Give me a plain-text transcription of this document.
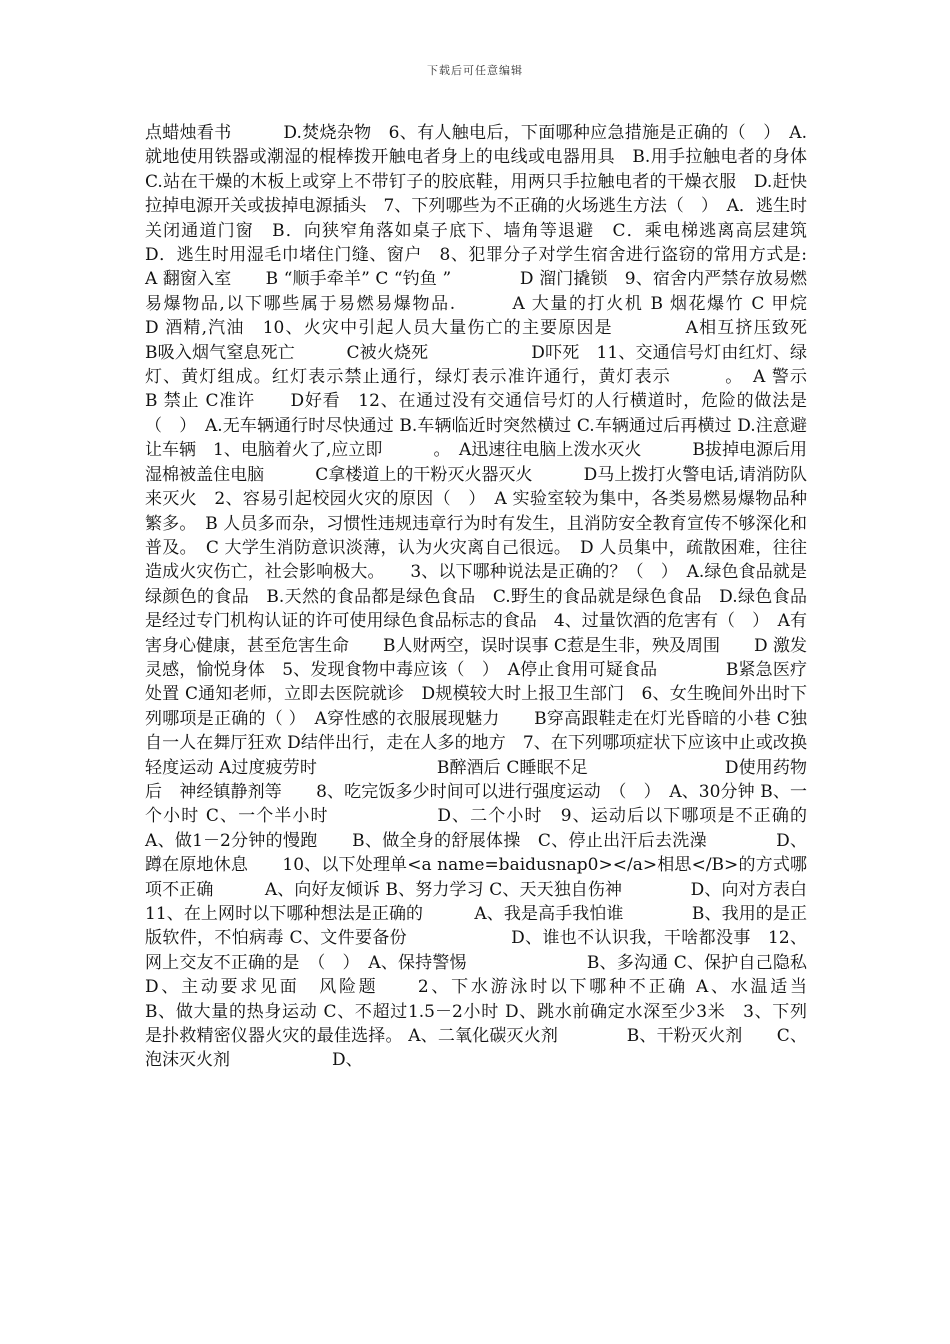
下载后可任意编辑
点蜡烛看书　　　D.焚烧杂物　6、有人触电后，下面哪种应急措施是正确的（　）　A.就地使用铁器或潮湿的棍棒拨开触电者身上的电线或电器用具　B.用手拉触电者的身体　C.站在干燥的木板上或穿上不带钉子的胶底鞋，用两只手拉触电者的干燥衣服　D.赶快拉掉电源开关或拔掉电源插头　7、下列哪些为不正确的火场逃生方法（　）　A．逃生时关闭通道门窗　B．向狭窄角落如桌子底下、墙角等退避　C．乘电梯逃离高层建筑　D．逃生时用湿毛巾堵住门缝、窗户　8、犯罪分子对学生宿舍进行盗窃的常用方式是:　　　　A 翻窗入室　　B “顺手牵羊” C “钓鱼 ”　　　　D 溜门撬锁　9、宿舍内严禁存放易燃易爆物品,以下哪些属于易燃易爆物品.　　　A 大量的打火机 B 烟花爆竹 C 甲烷　　　　　　　　D 酒精,汽油　10、火灾中引起人员大量伤亡的主要原因是　　　　A相互挤压致死　　　B吸入烟气窒息死亡　　　C被火烧死　　　　　　D吓死　11、交通信号灯由红灯、绿灯、黄灯组成。红灯表示禁止通行，绿灯表示准许通行，黄灯表示　　　。　A 警示　　B 禁止 C准许　　D好看　12、在通过没有交通信号灯的人行横道时，危险的做法是（　）　A.无车辆通行时尽快通过 B.车辆临近时突然横过 C.车辆通过后再横过 D.注意避让车辆　1、电脑着火了,应立即　　　。　A迅速往电脑上泼水灭火　　　B拔掉电源后用湿棉被盖住电脑　　　C拿楼道上的干粉灭火器灭火　　　D马上拨打火警电话,请消防队来灭火　2、容易引起校园火灾的原因（　）　A 实验室较为集中，各类易燃易爆物品种繁多。　B 人员多而杂，习惯性违规违章行为时有发生，且消防安全教育宣传不够深化和普及。　C 大学生消防意识淡薄，认为火灾离自己很远。　D 人员集中，疏散困难，往往造成火灾伤亡，社会影响极大。　　3、以下哪种说法是正确的？（　）　A.绿色食品就是绿颜色的食品　B.天然的食品都是绿色食品　C.野生的食品就是绿色食品　D.绿色食品是经过专门机构认证的许可使用绿色食品标志的食品　4、过量饮酒的危害有（　）　A有害身心健康，甚至危害生命　　B人财两空，误时误事 C惹是生非，殃及周围　　D 激发灵感，愉悦身体　5、发现食物中毒应该（　）　A停止食用可疑食品　　　　B紧急医疗处置 C通知老师，立即去医院就诊　D规模较大时上报卫生部门　6、女生晚间外出时下列哪项是正确的（ ）　A穿性感的衣服展现魅力　　B穿高跟鞋走在灯光昏暗的小巷 C独自一人在舞厅狂欢 D结伴出行，走在人多的地方　7、在下列哪项症状下应该中止或改换轻度运动 A过度疲劳时　　　　　　　B醉酒后 C睡眠不足　　　　　　　　D使用药物后　神经镇静剂等　　8、吃完饭多少时间可以进行强度运动　（　）　A、30分钟 B、一个小时 C、一个半小时　　　　　　D、二个小时　9、运动后以下哪项是不正确的　　　A、做1－2分钟的慢跑　　B、做全身的舒展体操　C、停止出汗后去洗澡　　　　D、蹲在原地休息　　10、以下处理单<a name=baidusnap0></a>相思</B>的方式哪项不正确　　　A、向好友倾诉 B、努力学习 C、天天独自伤神　　　　D、向对方表白　11、在上网时以下哪种想法是正确的　　　A、我是高手我怕谁　　　　B、我用的是正版软件，不怕病毒 C、文件要备份　　　　　　D、谁也不认识我，干啥都没事　12、网上交友不正确的是　（　）　A、保持警惕　　　　　　　B、多沟通 C、保护自己隐私　　　　　D、主动要求见面　风险题　　2、下水游泳时以下哪种不正确 A、水温适当　　　　　　　　B、做大量的热身运动 C、不超过1.5－2小时 D、跳水前确定水深至少3米　3、下列　　　是扑救精密仪器火灾的最佳选择。 A、二氧化碳灭火剂　　　　B、干粉灭火剂　　C、泡沫灭火剂　　　　　　D、
